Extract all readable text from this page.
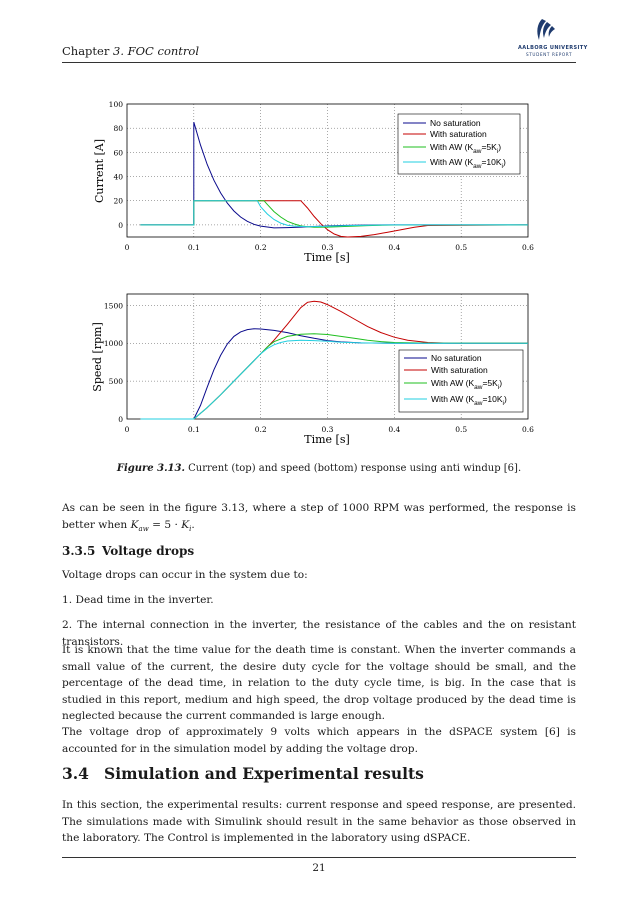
Chapter 3. FOC control	AALBORG UNIVERSITY
STUDENT REPORT
0	0.1	0.2	0.3	0.4	0.5	0.6
0
20
40
60
80
100
Time [s]
Current [A]
No saturation
With saturation
With AW $(K_{aw}=5K_i)$
With AW $(K_{aw}=10K_i)$
0	0.1	0.2	0.3	0.4	0.5	0.6
0
500
1000
1500
Time [s]
Speed [rpm]	No saturation
With saturation
With AW $(K_{aw}=5K_i)$
With AW $(K_{aw}=10K_i)$
Figure 3.13. Current (top) and speed (bottom) response using anti windup [6].
As can be seen in the figure 3.13, where a step of 1000 RPM was performed, the response is better when $K_{aw} = 5 \cdot K_i$.
3.3.5 Voltage drops
Voltage drops can occur in the system due to:
1. Dead time in the inverter.
2. The internal connection in the inverter, the resistance of the cables and the on resistant transistors.
It is known that the time value for the death time is constant. When the inverter commands a small value of the current, the desire duty cycle for the voltage should be small, and the percentage of the dead time, in relation to the duty cycle time, is big. In the case that is studied in this report, medium and high speed, the drop voltage produced by the dead time is neglected because the current commanded is large enough.
The voltage drop of approximately 9 volts which appears in the dSPACE system [6] is accounted for in the simulation model by adding the voltage drop.
3.4 Simulation and Experimental results
In this section, the experimental results: current response and speed response, are presented. The simulations made with Simulink should result in the same behavior as those observed in the laboratory. The Control is implemented in the laboratory using dSPACE.
21
